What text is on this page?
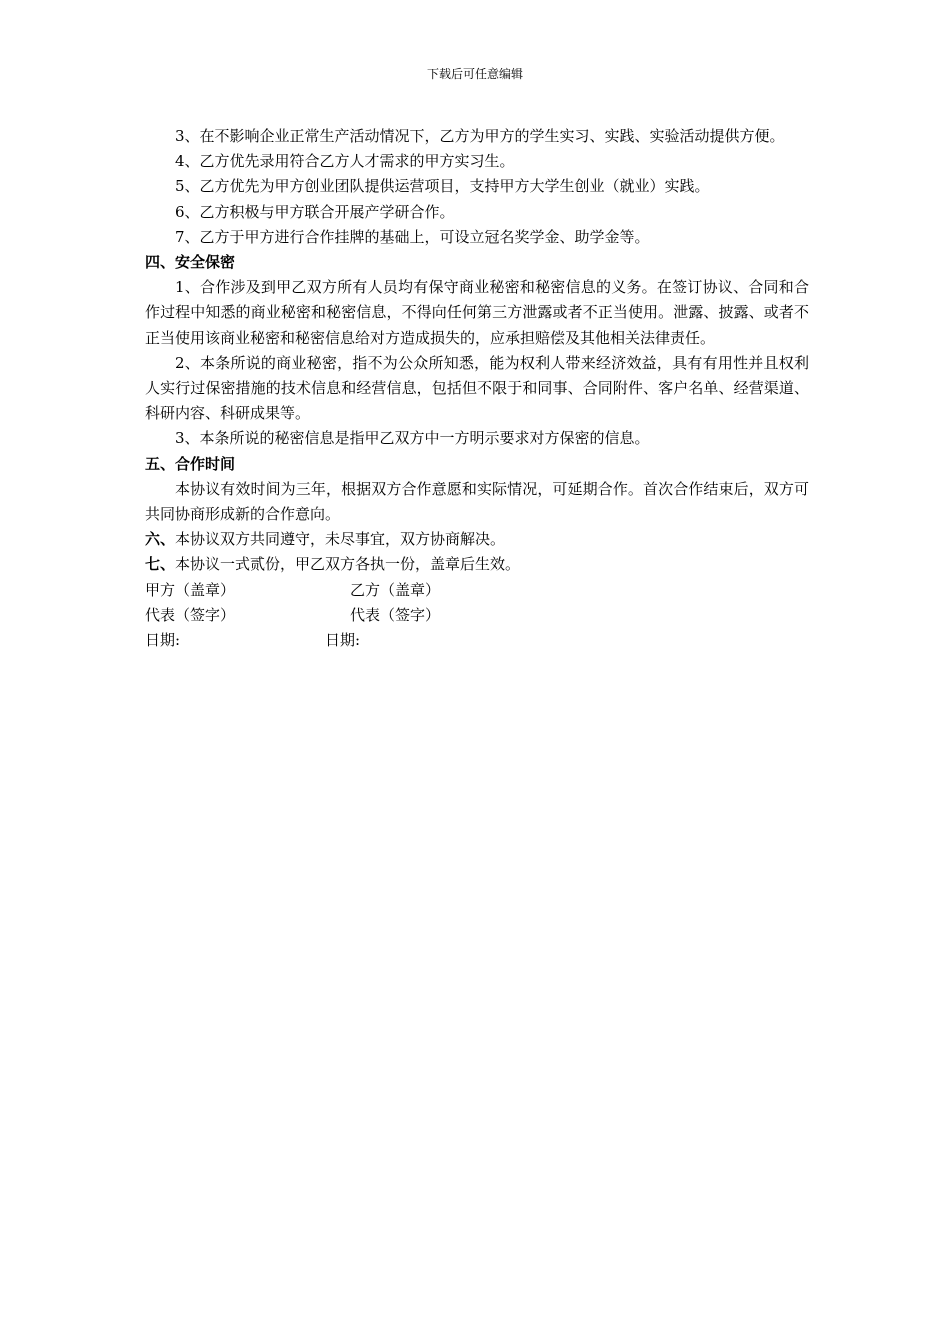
下载后可任意编辑

3、在不影响企业正常生产活动情况下，乙方为甲方的学生实习、实践、实验活动提供方便。

4、乙方优先录用符合乙方人才需求的甲方实习生。

5、乙方优先为甲方创业团队提供运营项目，支持甲方大学生创业（就业）实践。

6、乙方积极与甲方联合开展产学研合作。

7、乙方于甲方进行合作挂牌的基础上，可设立冠名奖学金、助学金等。

四、安全保密

1、合作涉及到甲乙双方所有人员均有保守商业秘密和秘密信息的义务。在签订协议、合同和合作过程中知悉的商业秘密和秘密信息，不得向任何第三方泄露或者不正当使用。泄露、披露、或者不正当使用该商业秘密和秘密信息给对方造成损失的，应承担赔偿及其他相关法律责任。

2、本条所说的商业秘密，指不为公众所知悉，能为权利人带来经济效益，具有有用性并且权利人实行过保密措施的技术信息和经营信息，包括但不限于和同事、合同附件、客户名单、经营渠道、科研内容、科研成果等。

3、本条所说的秘密信息是指甲乙双方中一方明示要求对方保密的信息。

五、合作时间

本协议有效时间为三年，根据双方合作意愿和实际情况，可延期合作。首次合作结束后，双方可共同协商形成新的合作意向。

六、本协议双方共同遵守，未尽事宜，双方协商解决。

七、本协议一式贰份，甲乙双方各执一份，盖章后生效。

甲方（盖章）	乙方（盖章）
代表（签字）	代表（签字）
日期:	日期:
